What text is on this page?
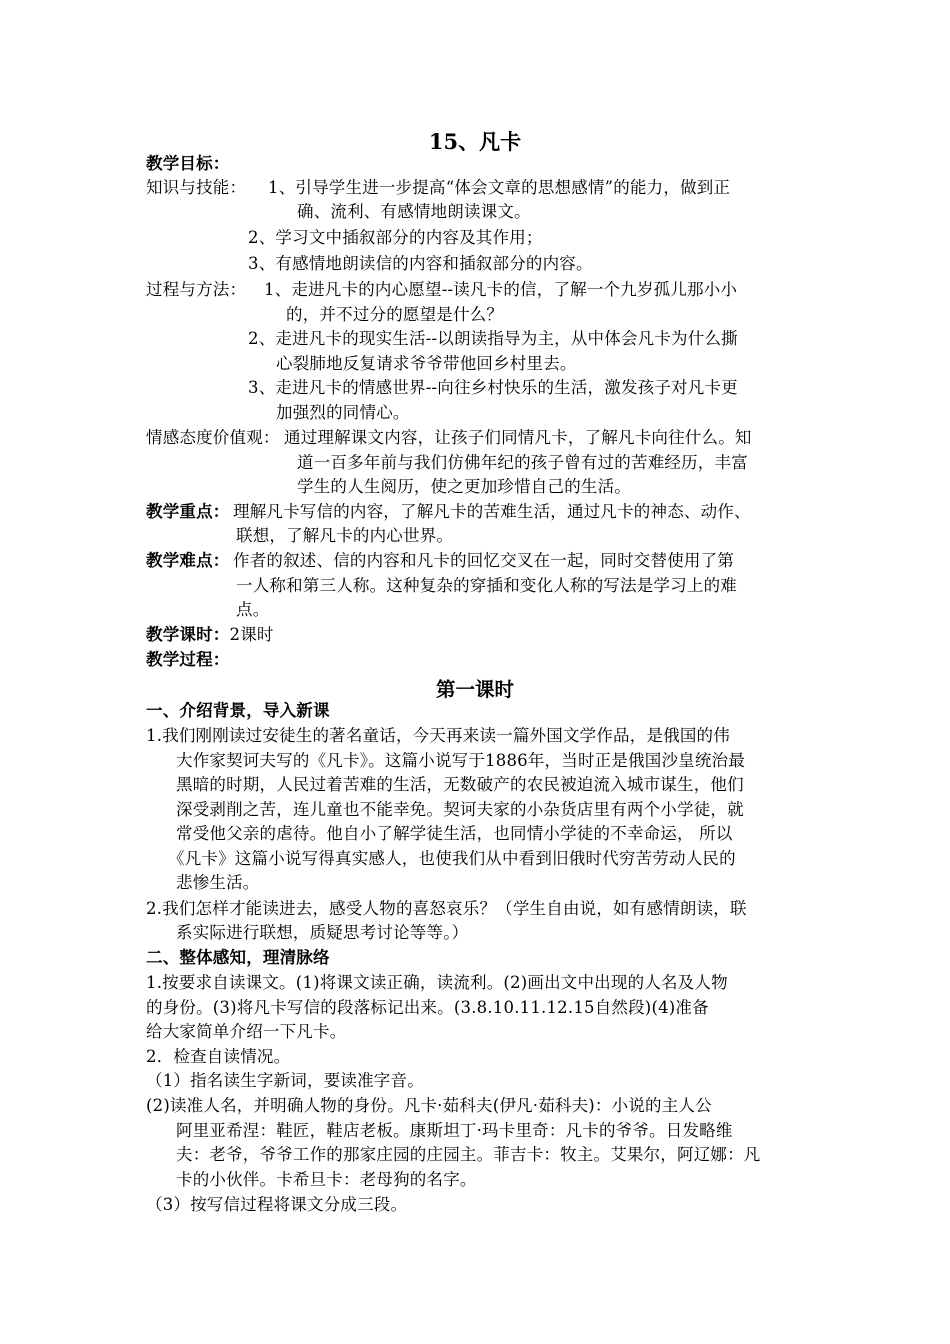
15、凡卡
教学目标：
知识与技能： 1、引导学生进一步提高“体会文章的思想感情”的能力，做到正
确、流利、有感情地朗读课文。
2、学习文中插叙部分的内容及其作用；
3、有感情地朗读信的内容和插叙部分的内容。
过程与方法： 1、走进凡卡的内心愿望--读凡卡的信，了解一个九岁孤儿那小小
的，并不过分的愿望是什么？
2、走进凡卡的现实生活--以朗读指导为主，从中体会凡卡为什么撕
心裂肺地反复请求爷爷带他回乡村里去。
3、走进凡卡的情感世界--向往乡村快乐的生活，激发孩子对凡卡更
加强烈的同情心。
情感态度价值观： 通过理解课文内容，让孩子们同情凡卡，了解凡卡向往什么。知
道一百多年前与我们仿佛年纪的孩子曾有过的苦难经历，丰富
学生的人生阅历，使之更加珍惜自己的生活。
教学重点： 理解凡卡写信的内容，了解凡卡的苦难生活，通过凡卡的神态、动作、
联想，了解凡卡的内心世界。
教学难点： 作者的叙述、信的内容和凡卡的回忆交叉在一起，同时交替使用了第
一人称和第三人称。这种复杂的穿插和变化人称的写法是学习上的难
点。
教学课时：2课时
教学过程：
第一课时
一、介绍背景，导入新课
1.我们刚刚读过安徒生的著名童话，今天再来读一篇外国文学作品，是俄国的伟
大作家契诃夫写的《凡卡》。这篇小说写于1886年，当时正是俄国沙皇统治最
黑暗的时期，人民过着苦难的生活，无数破产的农民被迫流入城市谋生，他们
深受剥削之苦，连儿童也不能幸免。契诃夫家的小杂货店里有两个小学徒，就
常受他父亲的虐待。他自小了解学徒生活，也同情小学徒的不幸命运， 所以
《凡卡》这篇小说写得真实感人，也使我们从中看到旧俄时代穷苦劳动人民的
悲惨生活。
2.我们怎样才能读进去，感受人物的喜怒哀乐？（学生自由说，如有感情朗读，联
系实际进行联想，质疑思考讨论等等。）
二、整体感知，理清脉络
1.按要求自读课文。(1)将课文读正确，读流利。(2)画出文中出现的人名及人物
的身份。(3)将凡卡写信的段落标记出来。(3.8.10.11.12.15自然段)(4)准备
给大家简单介绍一下凡卡。
2．检查自读情况。
（1）指名读生字新词，要读准字音。
(2)读准人名，并明确人物的身份。凡卡·茹科夫(伊凡·茹科夫)：小说的主人公
阿里亚希涅：鞋匠，鞋店老板。康斯坦丁·玛卡里奇：凡卡的爷爷。日发略维
夫：老爷，爷爷工作的那家庄园的庄园主。菲吉卡：牧主。艾果尔，阿辽娜：凡
卡的小伙伴。卡希旦卡：老母狗的名字。
（3）按写信过程将课文分成三段。
